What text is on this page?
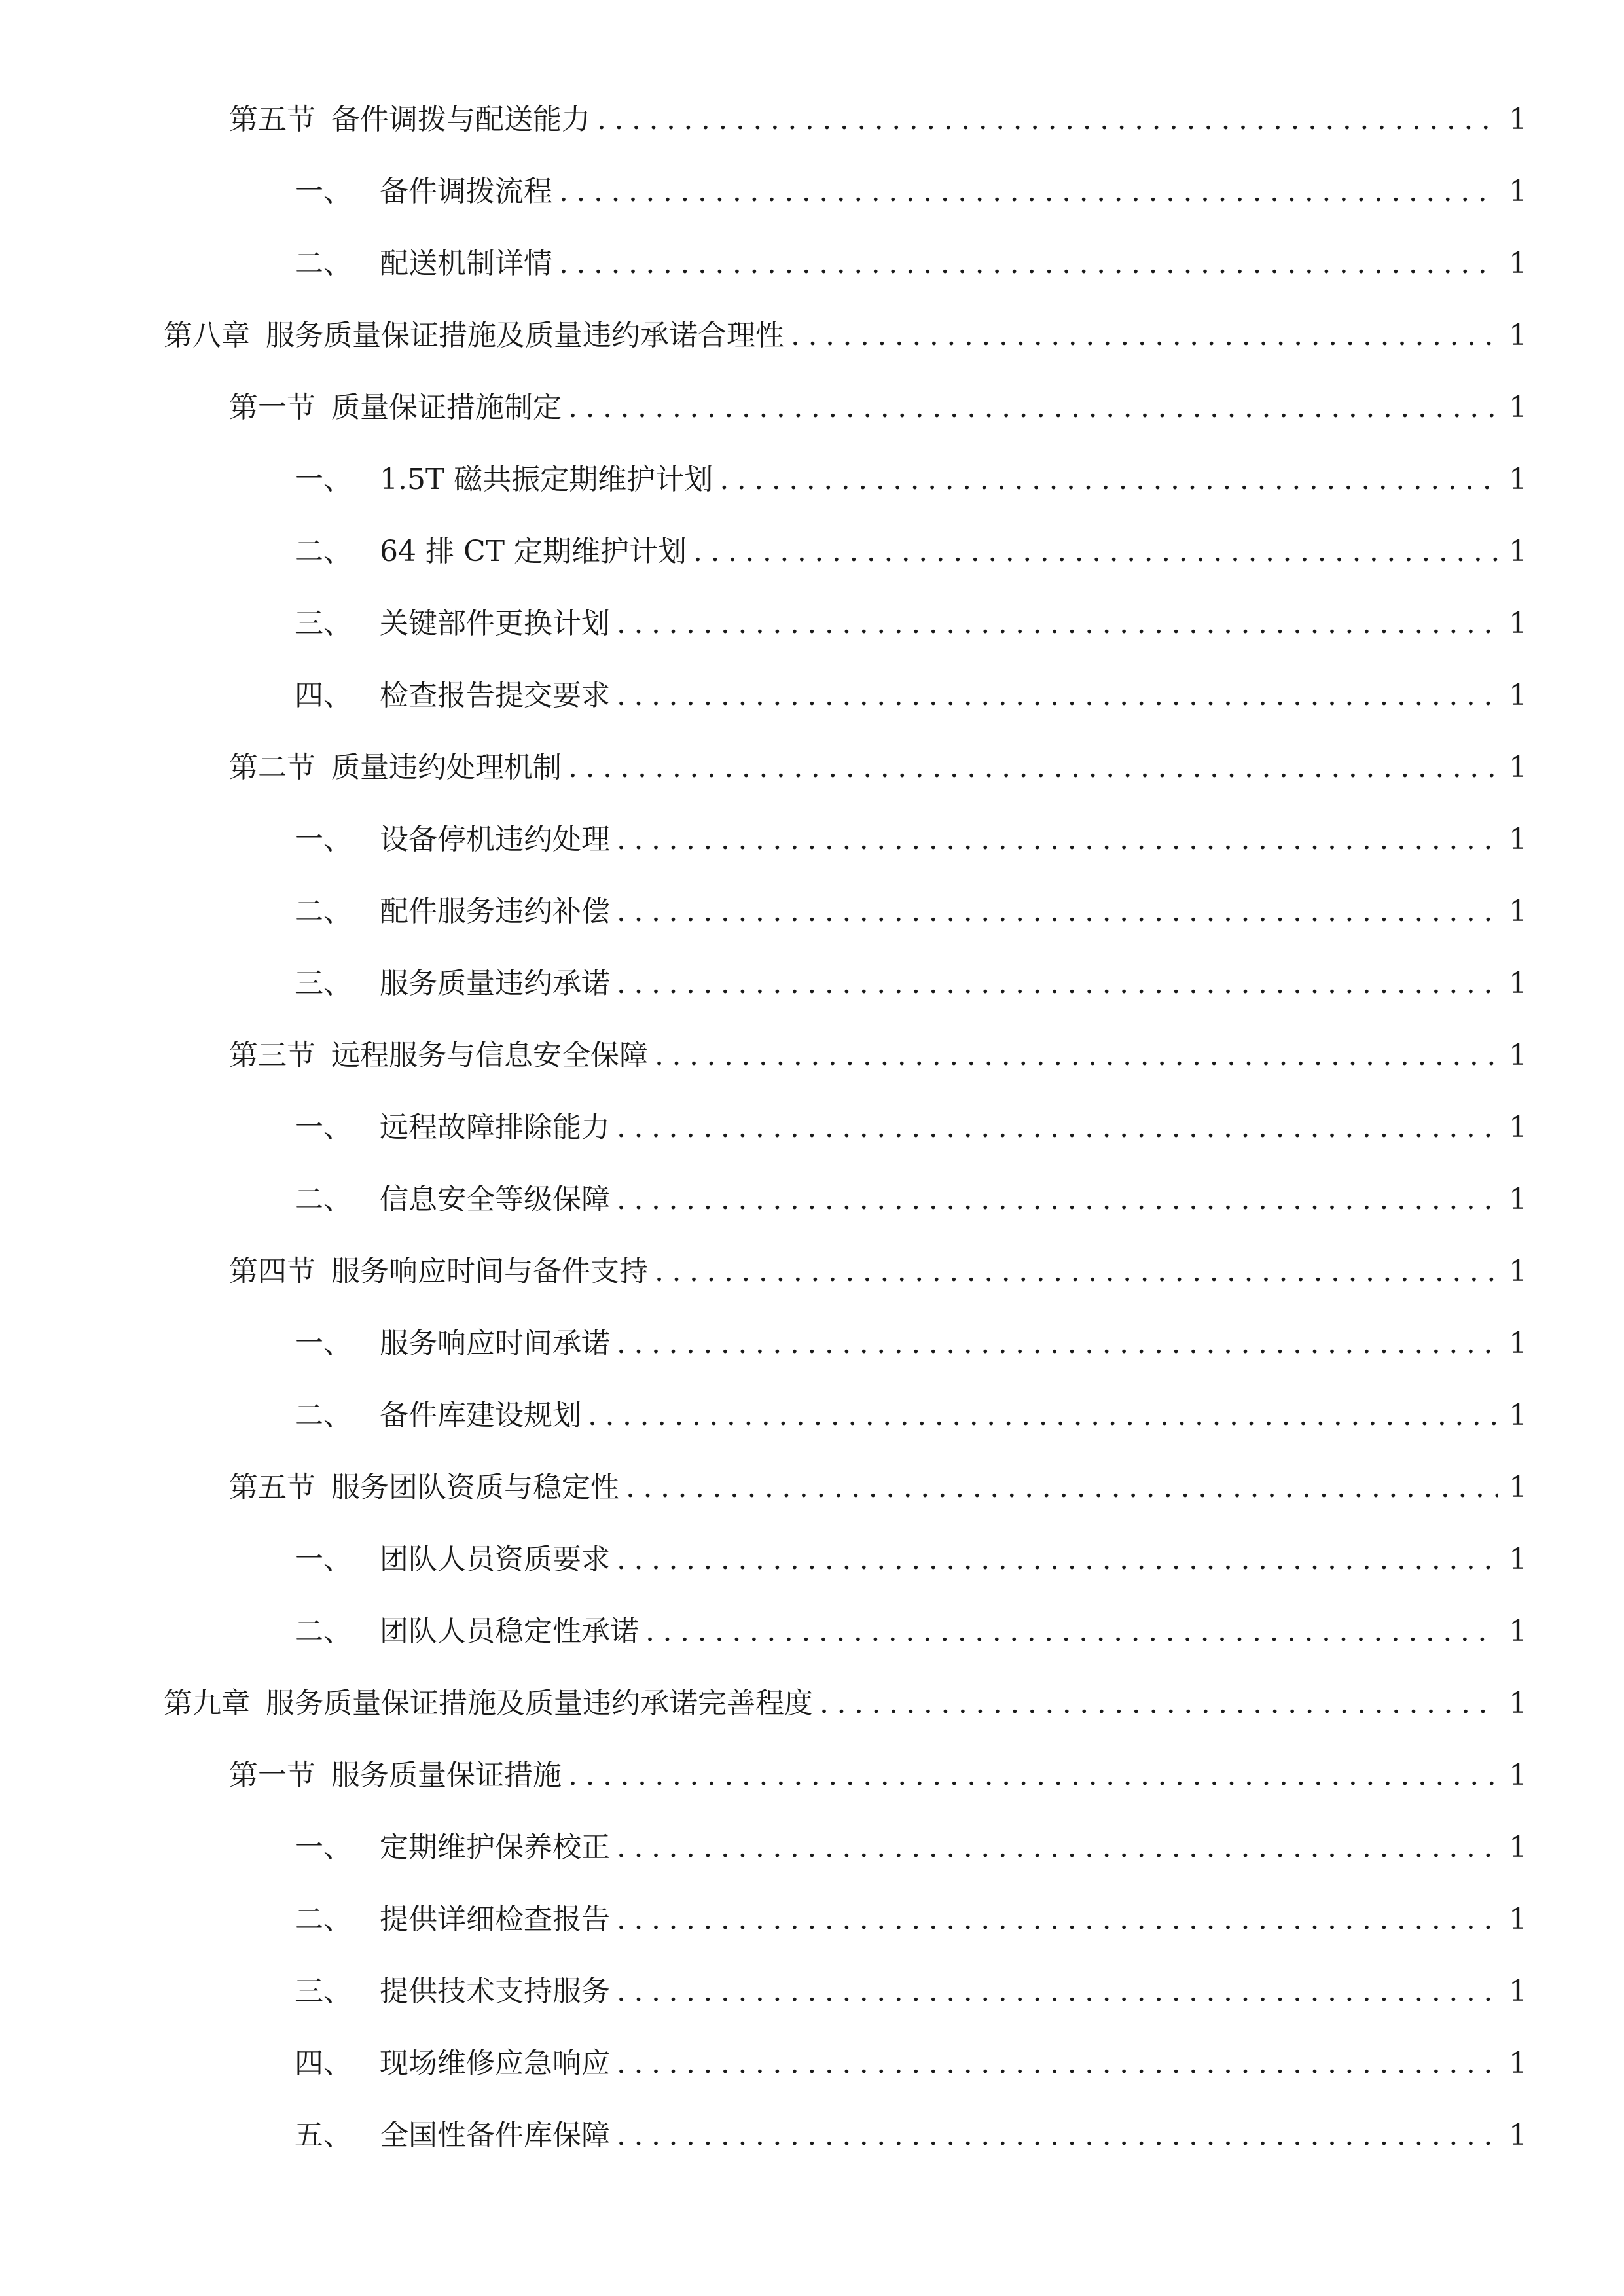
第五节 备件调拨与配送能力 .....	1
一、 备件调拨流程 .....	1
二、 配送机制详情 .....	1
第八章 服务质量保证措施及质量违约承诺合理性 .....	1
第一节 质量保证措施制定 .....	1
一、 1.5T 磁共振定期维护计划 .....	1
二、 64 排 CT 定期维护计划 .....	1
三、 关键部件更换计划 .....	1
四、 检查报告提交要求 .....	1
第二节 质量违约处理机制 .....	1
一、 设备停机违约处理 .....	1
二、 配件服务违约补偿 .....	1
三、 服务质量违约承诺 .....	1
第三节 远程服务与信息安全保障 .....	1
一、 远程故障排除能力 .....	1
二、 信息安全等级保障 .....	1
第四节 服务响应时间与备件支持 .....	1
一、 服务响应时间承诺 .....	1
二、 备件库建设规划 .....	1
第五节 服务团队资质与稳定性 .....	1
一、 团队人员资质要求 .....	1
二、 团队人员稳定性承诺 .....	1
第九章 服务质量保证措施及质量违约承诺完善程度 .....	1
第一节 服务质量保证措施 .....	1
一、 定期维护保养校正 .....	1
二、 提供详细检查报告 .....	1
三、 提供技术支持服务 .....	1
四、 现场维修应急响应 .....	1
五、 全国性备件库保障 .....	1
